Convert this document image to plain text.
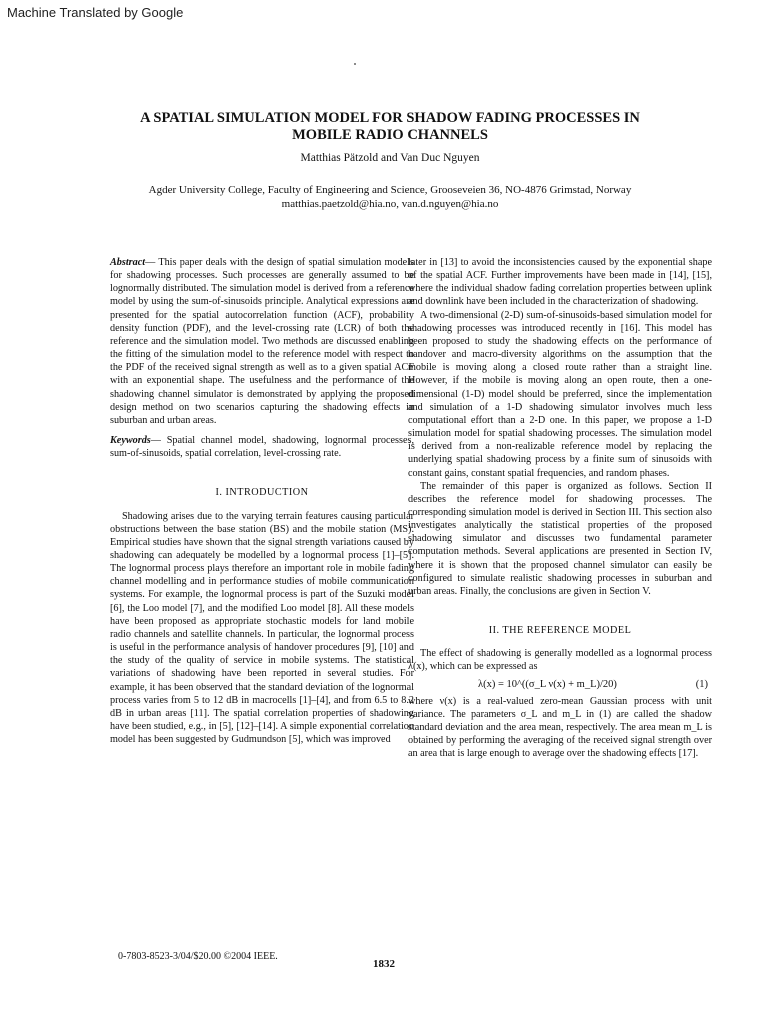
Machine Translated by Google
A SPATIAL SIMULATION MODEL FOR SHADOW FADING PROCESSES IN
MOBILE RADIO CHANNELS
Matthias Pätzold and Van Duc Nguyen
Agder University College, Faculty of Engineering and Science, Grooseveien 36, NO-4876 Grimstad, Norway
matthias.paetzold@hia.no, van.d.nguyen@hia.no

Abstract— This paper deals with the design of spatial simulation models for shadowing processes. Such processes are generally assumed to be lognormally distributed. The simulation model is derived from a reference model by using the sum-of-sinusoids principle. Analytical expressions are presented for the spatial autocorrelation function (ACF), probability density function (PDF), and the level-crossing rate (LCR) of both the reference and the simulation model. Two methods are discussed enabling the fitting of the simulation model to the reference model with respect to the PDF of the received signal strength as well as to a given spatial ACF with an exponential shape. The usefulness and the performance of the shadowing channel simulator is demonstrated by applying the proposed design method on two scenarios capturing the shadowing effects in suburban and urban areas.

Keywords— Spatial channel model, shadowing, lognormal processes, sum-of-sinusoids, spatial correlation, level-crossing rate.

I. INTRODUCTION

Shadowing arises due to the varying terrain features causing particular obstructions between the base station (BS) and the mobile station (MS). Empirical studies have shown that the signal strength variations caused by shadowing can adequately be modelled by a lognormal process [1]–[5]. The lognormal process plays therefore an important role in mobile fading channel modelling and in performance studies of mobile communication systems. For example, the lognormal process is part of the Suzuki model [6], the Loo model [7], and the modified Loo model [8]. All these models have been proposed as appropriate stochastic models for land mobile radio channels and satellite channels. In particular, the lognormal process is useful in the performance analysis of handover procedures [9], [10] and the study of the quality of service in mobile systems. The statistical variations of shadowing have been reported in several studies. For example, it has been observed that the standard deviation of the lognormal process varies from 5 to 12 dB in macrocells [1]–[4], and from 6.5 to 8.2 dB in urban areas [11]. The spatial correlation properties of shadowing have been studied, e.g., in [5], [12]–[14]. A simple exponential correlation model has been suggested by Gudmundson [5], which was improved

later in [13] to avoid the inconsistencies caused by the exponential shape of the spatial ACF. Further improvements have been made in [14], [15], where the individual shadow fading correlation properties between uplink and downlink have been included in the characterization of shadowing.

A two-dimensional (2-D) sum-of-sinusoids-based simulation model for shadowing processes was introduced recently in [16]. This model has been proposed to study the shadowing effects on the performance of handover and macro-diversity algorithms on the assumption that the mobile is moving along a closed route rather than a straight line. However, if the mobile is moving along an open route, then a one-dimensional (1-D) model should be preferred, since the implementation and simulation of a 1-D shadowing simulator involves much less computational effort than a 2-D one. In this paper, we propose a 1-D simulation model for spatial shadowing processes. The simulation model is derived from a non-realizable reference model by replacing the underlying spatial shadowing process by a finite sum of sinusoids with constant gains, constant spatial frequencies, and random phases.

The remainder of this paper is organized as follows. Section II describes the reference model for shadowing processes. The corresponding simulation model is derived in Section III. This section also investigates analytically the statistical properties of the proposed shadowing simulator and discusses two fundamental parameter computation methods. Several applications are presented in Section IV, where it is shown that the proposed channel simulator can easily be configured to simulate realistic shadowing processes in suburban and urban areas. Finally, the conclusions are given in Section V.

II. THE REFERENCE MODEL

The effect of shadowing is generally modelled as a lognormal process λ(x), which can be expressed as

λ(x) = 10^((σ_L ν(x) + m_L)/20)	(1)

where ν(x) is a real-valued zero-mean Gaussian process with unit variance. The parameters σ_L and m_L in (1) are called the shadow standard deviation and the area mean, respectively. The area mean m_L is obtained by performing the averaging of the received signal strength over an area that is large enough to average over the shadowing effects [17].

0-7803-8523-3/04/$20.00 ©2004 IEEE.
1832
